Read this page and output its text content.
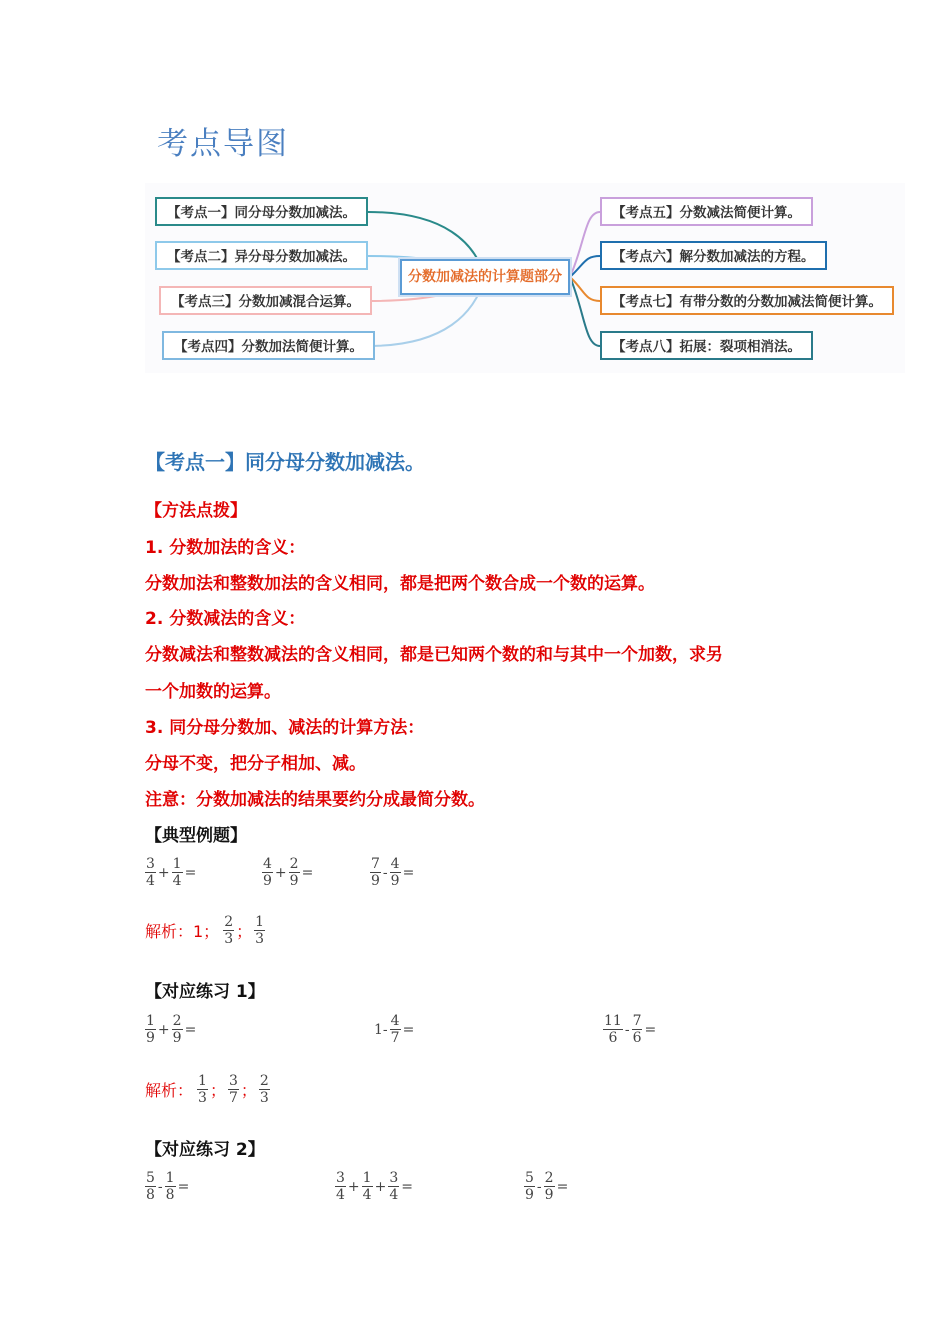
考点导图
【考点一】同分母分数加减法。
【考点二】异分母分数加减法。
【考点三】分数加减混合运算。
【考点四】分数加法简便计算。
分数加减法的计算题部分
【考点五】分数减法简便计算。
【考点六】解分数加减法的方程。
【考点七】有带分数的分数加减法简便计算。
【考点八】拓展：裂项相消法。
【考点一】同分母分数加减法。
【方法点拨】
1. 分数加法的含义：
分数加法和整数加法的含义相同，都是把两个数合成一个数的运算。
2. 分数减法的含义：
分数减法和整数减法的含义相同，都是已知两个数的和与其中一个加数，求另
一个加数的运算。
3. 同分母分数加、减法的计算方法：
分母不变，把分子相加、减。
注意：分数加减法的结果要约分成最简分数。
【典型例题】
$\frac{3}{4} + \frac{1}{4}$ =	$\frac{4}{9} + \frac{2}{9}$ =	$\frac{7}{9} - \frac{4}{9}$ =
解析：1； $\frac{2}{3}$ ； $\frac{1}{3}$
【对应练习 1】
$\frac{1}{9} + \frac{2}{9}$ =	$1- \frac{4}{7}$ =	$\frac{11}{6} - \frac{7}{6}$ =
解析： $\frac{1}{3}$ ； $\frac{3}{7}$ ； $\frac{2}{3}$
【对应练习 2】
$\frac{5}{8} - \frac{1}{8}$ =	$\frac{3}{4} + \frac{1}{4} + \frac{3}{4}$ =	$\frac{5}{9} - \frac{2}{9}$ =
